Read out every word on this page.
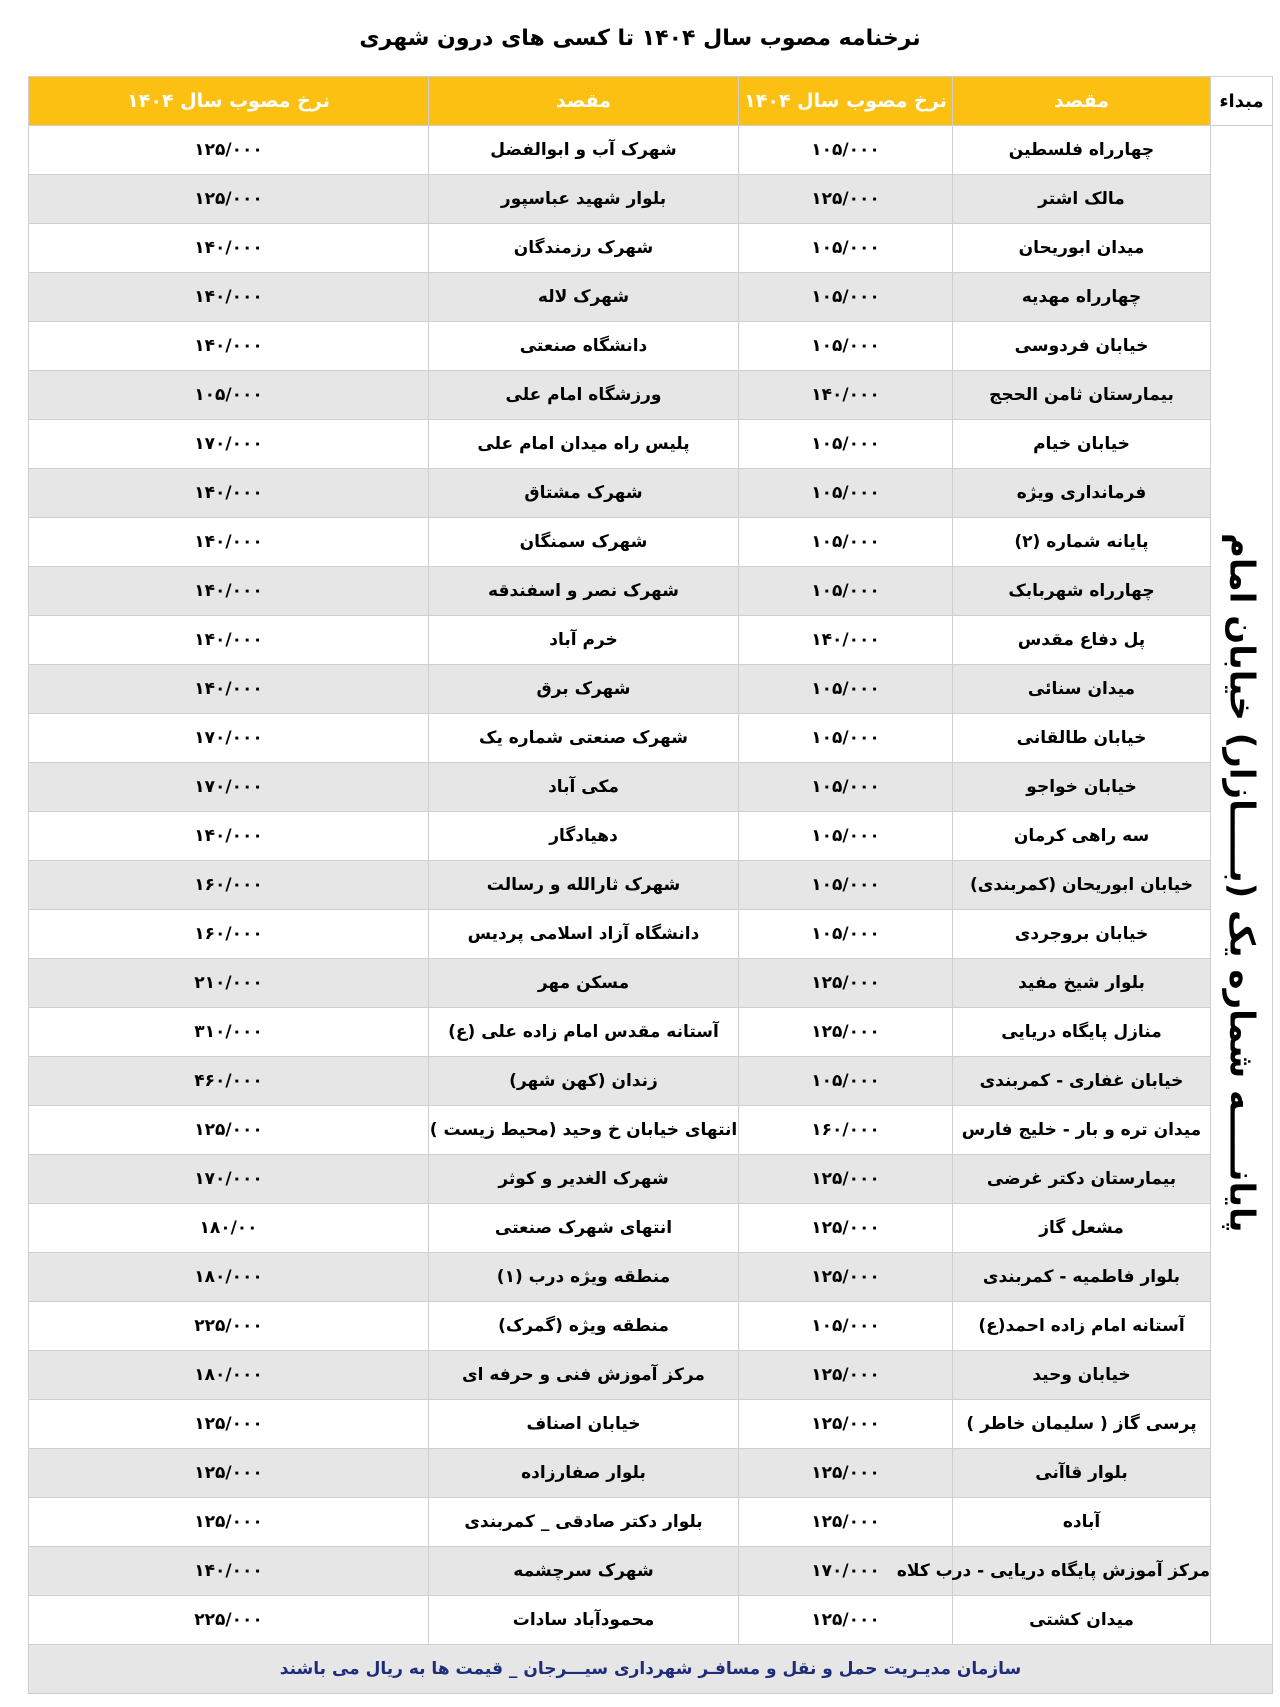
نرخنامه مصوب سال ۱۴۰۴ تا کسی های درون شهری
مبداء	مقصد	نرخ مصوب سال ۱۴۰۴	مقصد	نرخ مصوب سال ۱۴۰۴
پایانـــــه شماره یک (بـــــازار) خیابان امام	چهارراه فلسطین	۱۰۵/۰۰۰	شهرک آب و ابوالفضل	۱۲۵/۰۰۰
	مالک اشتر	۱۲۵/۰۰۰	بلوار شهید عباسپور	۱۲۵/۰۰۰
	میدان ابوریحان	۱۰۵/۰۰۰	شهرک رزمندگان	۱۴۰/۰۰۰
	چهارراه مهدیه	۱۰۵/۰۰۰	شهرک لاله	۱۴۰/۰۰۰
	خیابان فردوسی	۱۰۵/۰۰۰	دانشگاه صنعتی	۱۴۰/۰۰۰
	بیمارستان ثامن الحجج	۱۴۰/۰۰۰	ورزشگاه امام علی	۱۰۵/۰۰۰
	خیابان خیام	۱۰۵/۰۰۰	پلیس راه میدان امام علی	۱۷۰/۰۰۰
	فرمانداری ویژه	۱۰۵/۰۰۰	شهرک مشتاق	۱۴۰/۰۰۰
	پایانه شماره (۲)	۱۰۵/۰۰۰	شهرک سمنگان	۱۴۰/۰۰۰
	چهارراه شهربابک	۱۰۵/۰۰۰	شهرک نصر و اسفندقه	۱۴۰/۰۰۰
	پل دفاع مقدس	۱۴۰/۰۰۰	خرم آباد	۱۴۰/۰۰۰
	میدان سنائی	۱۰۵/۰۰۰	شهرک برق	۱۴۰/۰۰۰
	خیابان طالقانی	۱۰۵/۰۰۰	شهرک صنعتی شماره یک	۱۷۰/۰۰۰
	خیابان خواجو	۱۰۵/۰۰۰	مکی آباد	۱۷۰/۰۰۰
	سه راهی کرمان	۱۰۵/۰۰۰	دهیادگار	۱۴۰/۰۰۰
	خیابان ابوریحان (کمربندی)	۱۰۵/۰۰۰	شهرک ثارالله و رسالت	۱۶۰/۰۰۰
	خیابان بروجردی	۱۰۵/۰۰۰	دانشگاه آزاد اسلامی پردیس	۱۶۰/۰۰۰
	بلوار شیخ مفید	۱۲۵/۰۰۰	مسکن مهر	۲۱۰/۰۰۰
	منازل پایگاه دریایی	۱۲۵/۰۰۰	آستانه مقدس امام زاده علی (ع)	۳۱۰/۰۰۰
	خیابان غفاری - کمربندی	۱۰۵/۰۰۰	زندان (کهن شهر)	۴۶۰/۰۰۰
	میدان تره و بار - خلیج فارس	۱۶۰/۰۰۰	انتهای خیابان خ وحید (محیط زیست )	۱۲۵/۰۰۰
	بیمارستان دکتر غرضی	۱۲۵/۰۰۰	شهرک الغدیر و کوثر	۱۷۰/۰۰۰
	مشعل گاز	۱۲۵/۰۰۰	انتهای شهرک صنعتی	۱۸۰/۰۰
	بلوار فاطمیه - کمربندی	۱۲۵/۰۰۰	منطقه ویژه درب (۱)	۱۸۰/۰۰۰
	آستانه امام زاده احمد(ع)	۱۰۵/۰۰۰	منطقه ویژه (گمرک)	۲۲۵/۰۰۰
	خیابان وحید	۱۲۵/۰۰۰	مرکز آموزش فنی و حرفه ای	۱۸۰/۰۰۰
	پرسی گاز ( سلیمان خاطر )	۱۲۵/۰۰۰	خیابان اصناف	۱۲۵/۰۰۰
	بلوار قاآنی	۱۲۵/۰۰۰	بلوار صفارزاده	۱۲۵/۰۰۰
	آباده	۱۲۵/۰۰۰	بلوار دکتر صادقی _ کمربندی	۱۲۵/۰۰۰
	مرکز آموزش پایگاه دریایی - درب کلاه	۱۷۰/۰۰۰	شهرک سرچشمه	۱۴۰/۰۰۰
	میدان کشتی	۱۲۵/۰۰۰	محمودآباد سادات	۲۲۵/۰۰۰
سازمان مدیـریت حمل و نقل و مسافـر شهرداری سیـــرجان _ قیمت ها به ریال می باشند				
